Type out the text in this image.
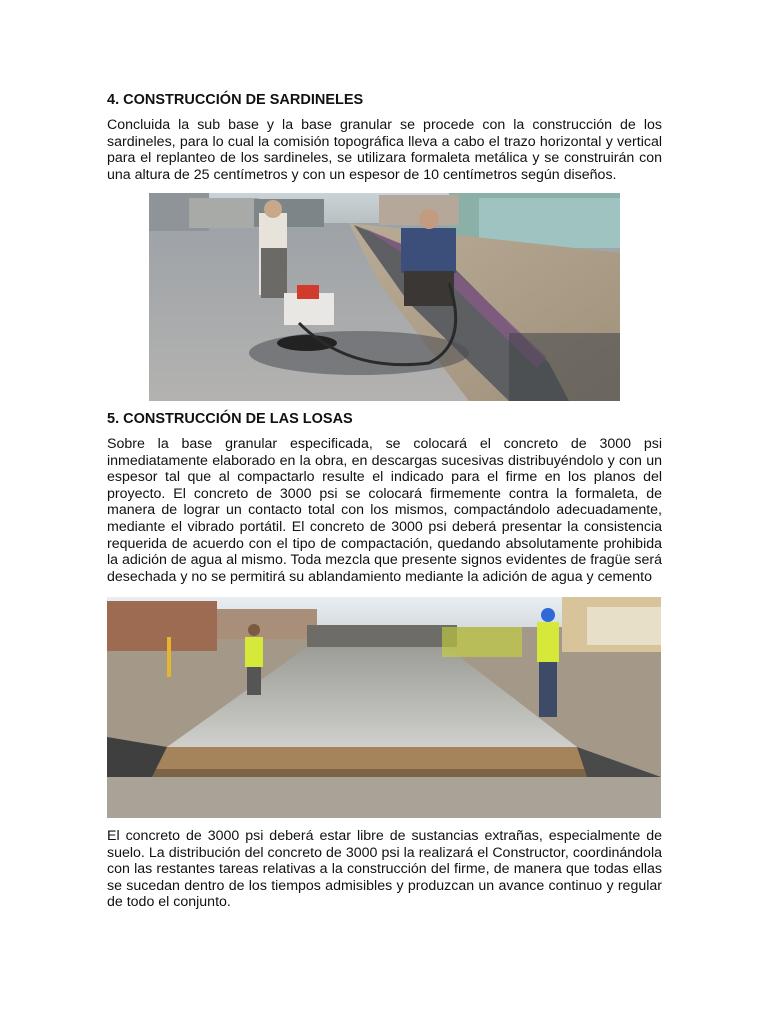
4. CONSTRUCCIÓN DE SARDINELES

Concluida la sub base y la base granular se procede con la construcción de los sardineles, para lo cual la comisión topográfica lleva a cabo el trazo horizontal y vertical para el replanteo de los sardineles, se utilizara formaleta metálica y se construirán con una altura de 25 centímetros y con un espesor de 10 centímetros según diseños.

5. CONSTRUCCIÓN DE LAS LOSAS

Sobre la base granular especificada, se colocará el concreto de 3000 psi inmediatamente elaborado en la obra, en descargas sucesivas distribuyéndolo y con un espesor tal que al compactarlo resulte el indicado para el firme en los planos del proyecto. El concreto de 3000 psi se colocará firmemente contra la formaleta, de manera de lograr un contacto total con los mismos, compactándolo adecuadamente, mediante el vibrado portátil. El concreto de 3000 psi deberá presentar la consistencia requerida de acuerdo con el tipo de compactación, quedando absolutamente prohibida la adición de agua al mismo. Toda mezcla que presente signos evidentes de fragüe será desechada y no se permitirá su ablandamiento mediante la adición de agua y cemento

El concreto de 3000 psi deberá estar libre de sustancias extrañas, especialmente de suelo. La distribución del concreto de 3000 psi la realizará el Constructor, coordinándola con las restantes tareas relativas a la construcción del firme, de manera que todas ellas se sucedan dentro de los tiempos admisibles y produzcan un avance continuo y regular de todo el conjunto.
